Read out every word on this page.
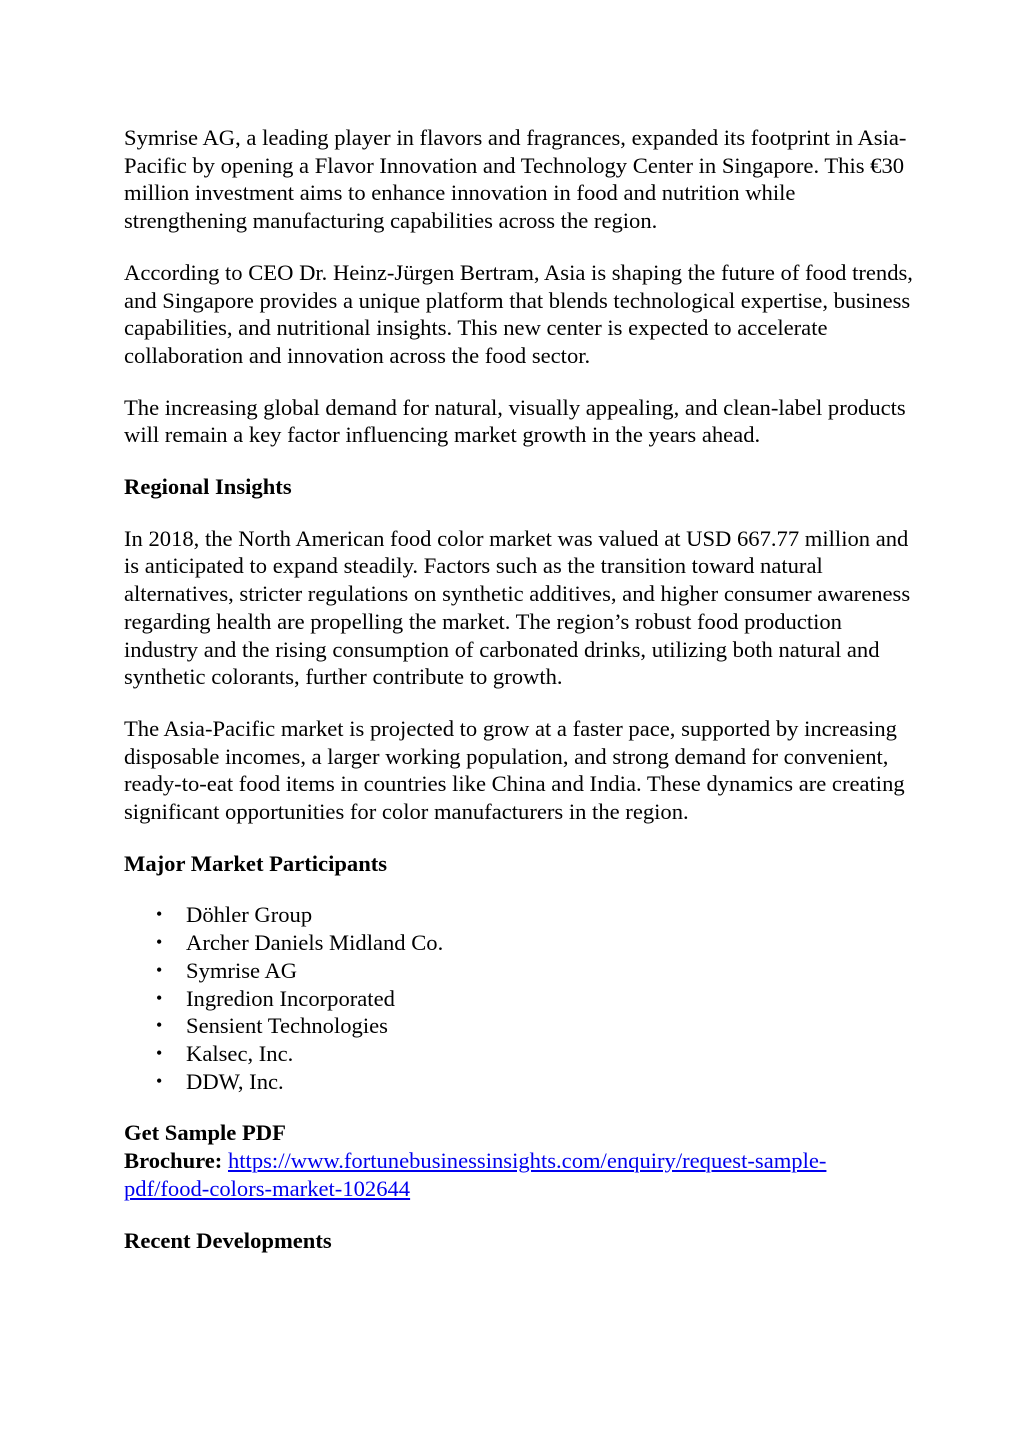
Symrise AG, a leading player in flavors and fragrances, expanded its footprint in Asia-Pacific by opening a Flavor Innovation and Technology Center in Singapore. This €30 million investment aims to enhance innovation in food and nutrition while strengthening manufacturing capabilities across the region.

According to CEO Dr. Heinz-Jürgen Bertram, Asia is shaping the future of food trends, and Singapore provides a unique platform that blends technological expertise, business capabilities, and nutritional insights. This new center is expected to accelerate collaboration and innovation across the food sector.

The increasing global demand for natural, visually appealing, and clean-label products will remain a key factor influencing market growth in the years ahead.

Regional Insights

In 2018, the North American food color market was valued at USD 667.77 million and is anticipated to expand steadily. Factors such as the transition toward natural alternatives, stricter regulations on synthetic additives, and higher consumer awareness regarding health are propelling the market. The region’s robust food production industry and the rising consumption of carbonated drinks, utilizing both natural and synthetic colorants, further contribute to growth.

The Asia-Pacific market is projected to grow at a faster pace, supported by increasing disposable incomes, a larger working population, and strong demand for convenient, ready-to-eat food items in countries like China and India. These dynamics are creating significant opportunities for color manufacturers in the region.

Major Market Participants
• Döhler Group
• Archer Daniels Midland Co.
• Symrise AG
• Ingredion Incorporated
• Sensient Technologies
• Kalsec, Inc.
• DDW, Inc.
Get Sample PDF
Brochure: https://www.fortunebusinessinsights.com/enquiry/request-sample-
pdf/food-colors-market-102644
Recent Developments
